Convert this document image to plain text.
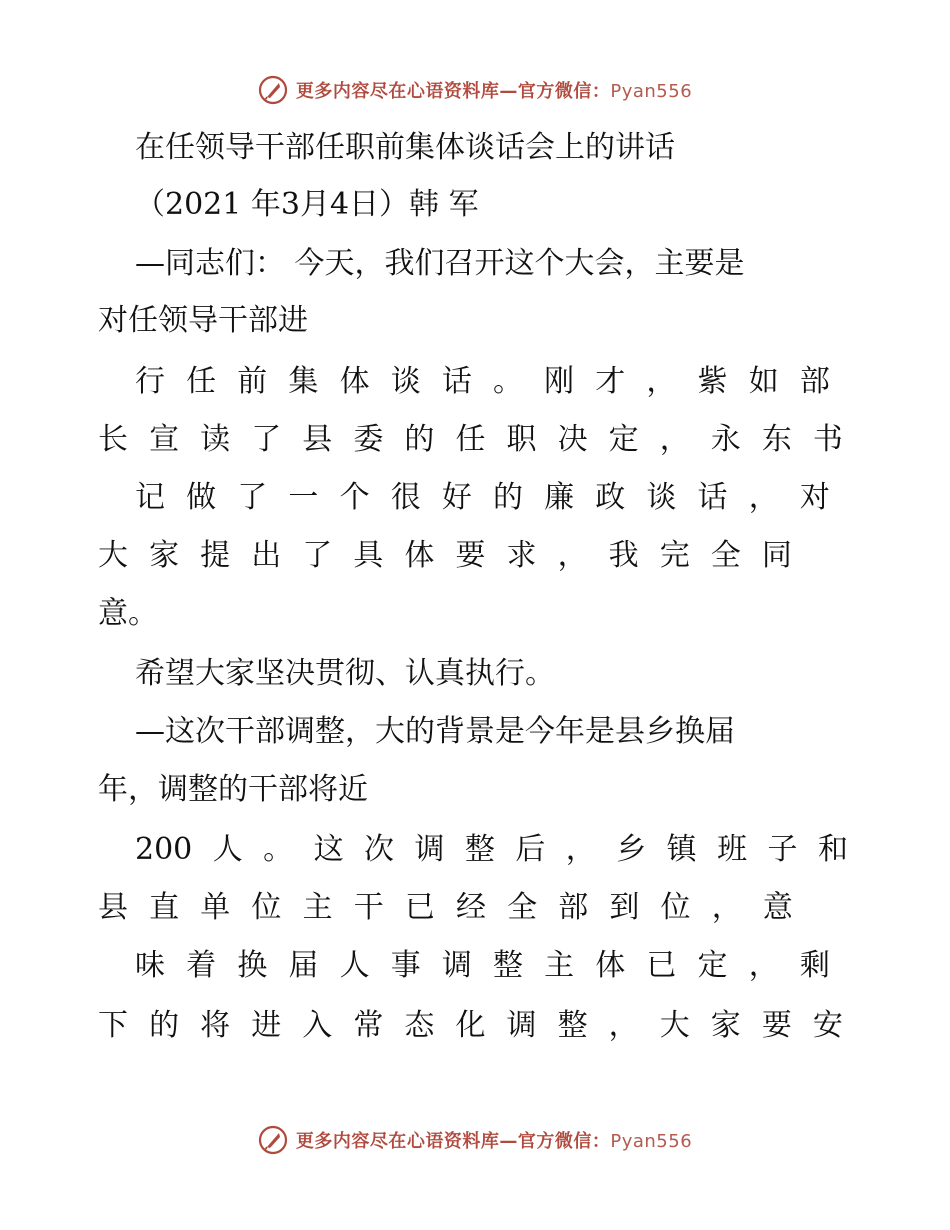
更多内容尽在心语资料库—官方微信：Pyan556
在任领导干部任职前集体谈话会上的讲话
（2021 年3月4日）韩 军
—同志们： 今天，我们召开这个大会，主要是
对任领导干部进
行 任 前 集 体 谈 话 。 刚 才 ， 紫 如 部
长 宣 读 了 县 委 的 任 职 决 定 ， 永 东 书
记 做 了 一 个 很 好 的 廉 政 谈 话 ， 对
大 家 提 出 了 具 体 要 求 ， 我 完 全 同
意。
希望大家坚决贯彻、认真执行。
—这次干部调整，大的背景是今年是县乡换届
年，调整的干部将近
200 人 。 这 次 调 整 后 ， 乡 镇 班 子 和
县 直 单 位 主 干 已 经 全 部 到 位 ， 意
味 着 换 届 人 事 调 整 主 体 已 定 ， 剩
下 的 将 进 入 常 态 化 调 整 ， 大 家 要 安
更多内容尽在心语资料库—官方微信：Pyan556
